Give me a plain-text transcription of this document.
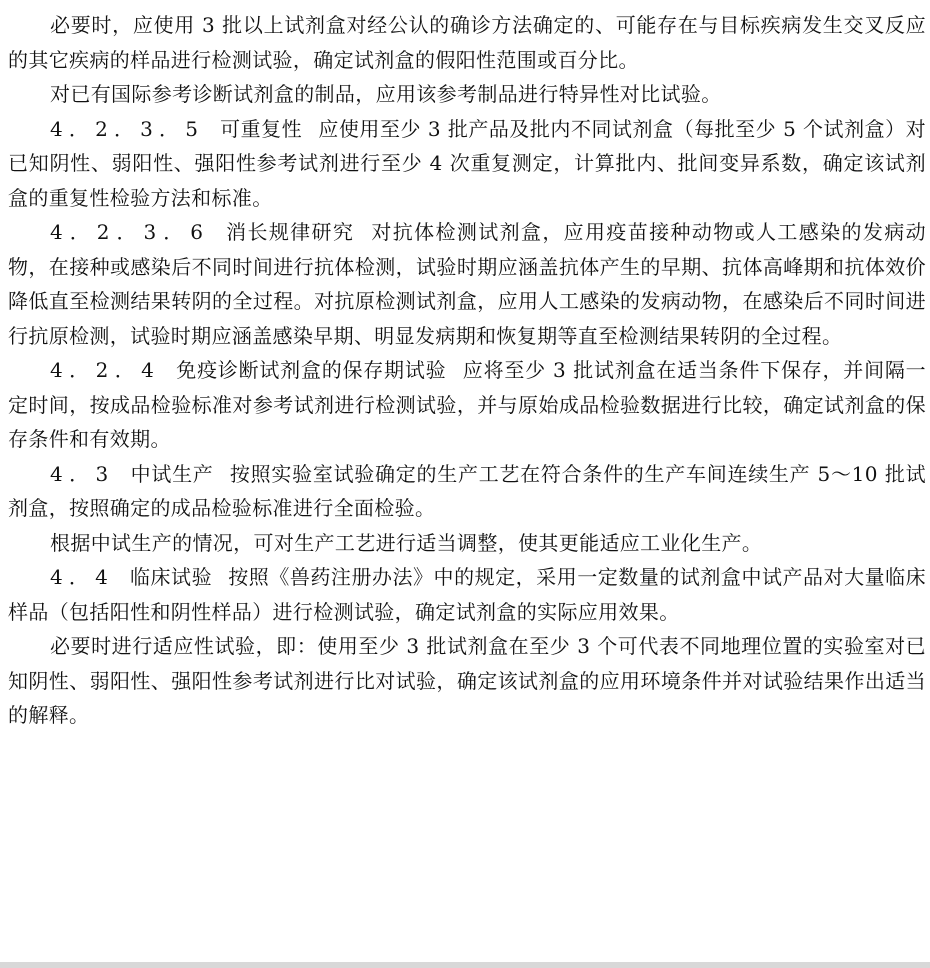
必要时，应使用 3 批以上试剂盒对经公认的确诊方法确定的、可能存在与目标疾病发生交叉反应的其它疾病的样品进行检测试验，确定试剂盒的假阳性范围或百分比。

对已有国际参考诊断试剂盒的制品，应用该参考制品进行特异性对比试验。

4．2．3．5 可重复性 应使用至少 3 批产品及批内不同试剂盒（每批至少 5 个试剂盒）对已知阴性、弱阳性、强阳性参考试剂进行至少 4 次重复测定，计算批内、批间变异系数，确定该试剂盒的重复性检验方法和标准。

4．2．3．6 消长规律研究 对抗体检测试剂盒，应用疫苗接种动物或人工感染的发病动物，在接种或感染后不同时间进行抗体检测，试验时期应涵盖抗体产生的早期、抗体高峰期和抗体效价降低直至检测结果转阴的全过程。对抗原检测试剂盒，应用人工感染的发病动物，在感染后不同时间进行抗原检测，试验时期应涵盖感染早期、明显发病期和恢复期等直至检测结果转阴的全过程。

4．2．4 免疫诊断试剂盒的保存期试验 应将至少 3 批试剂盒在适当条件下保存，并间隔一定时间，按成品检验标准对参考试剂进行检测试验，并与原始成品检验数据进行比较，确定试剂盒的保存条件和有效期。

4．3 中试生产 按照实验室试验确定的生产工艺在符合条件的生产车间连续生产 5～10 批试剂盒，按照确定的成品检验标准进行全面检验。

根据中试生产的情况，可对生产工艺进行适当调整，使其更能适应工业化生产。

4．4 临床试验 按照《兽药注册办法》中的规定，采用一定数量的试剂盒中试产品对大量临床样品（包括阳性和阴性样品）进行检测试验，确定试剂盒的实际应用效果。

必要时进行适应性试验，即：使用至少 3 批试剂盒在至少 3 个可代表不同地理位置的实验室对已知阴性、弱阳性、强阳性参考试剂进行比对试验，确定该试剂盒的应用环境条件并对试验结果作出适当的解释。
